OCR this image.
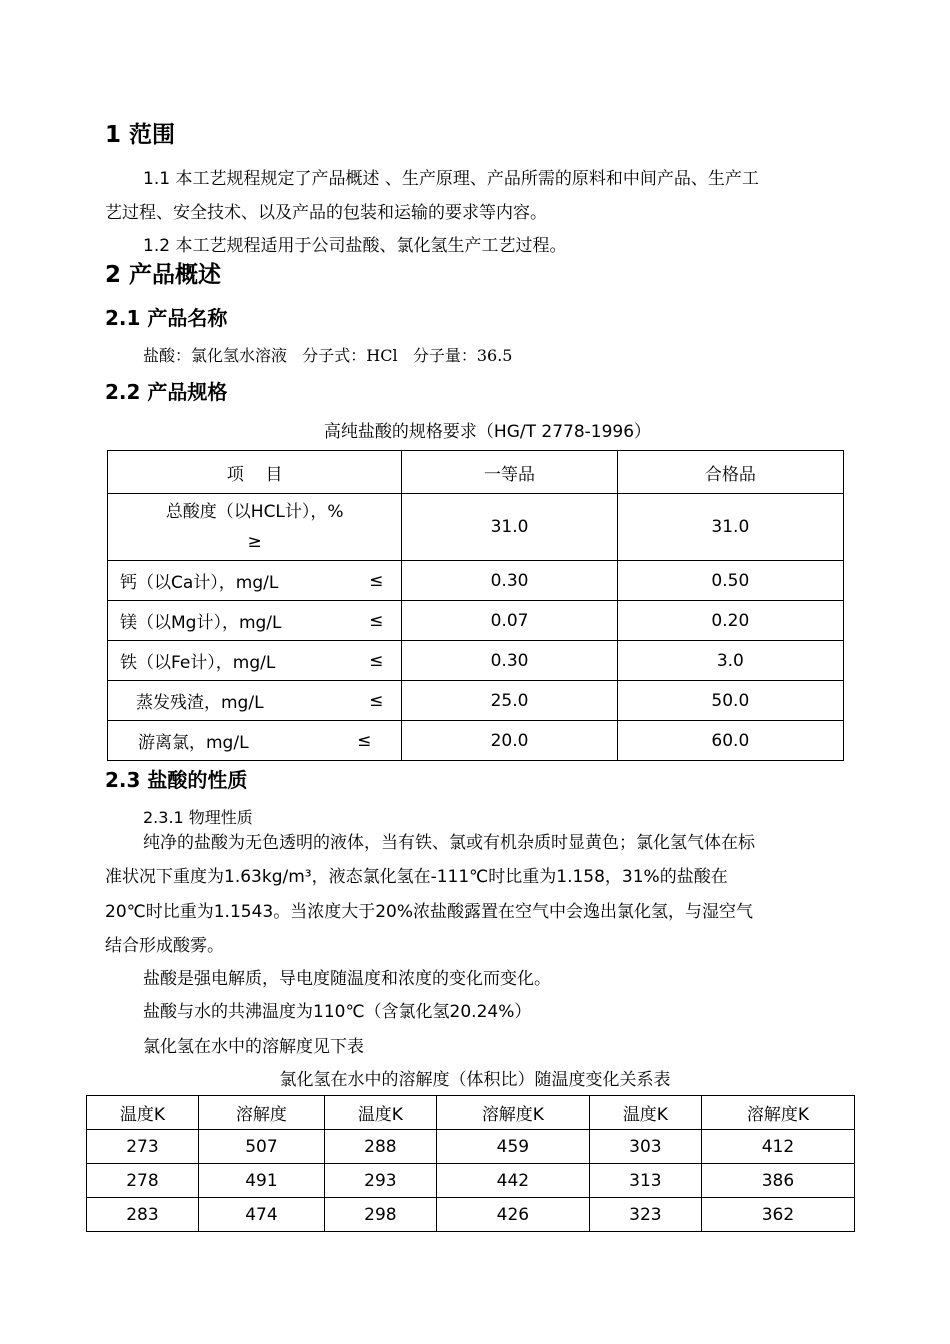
1 范围
1.1 本工艺规程规定了产品概述 、生产原理、产品所需的原料和中间产品、生产工
艺过程、安全技术、以及产品的包装和运输的要求等内容。
1.2 本工艺规程适用于公司盐酸、氯化氢生产工艺过程。
2 产品概述
2.1 产品名称
盐酸：氯化氢水溶液   分子式：HCl   分子量：36.5
2.2 产品规格
高纯盐酸的规格要求（HG/T 2778-1996）
项    目	一等品	合格品

总酸度（以HCL计），%
≥	31.0	31.0

钙（以Ca计），mg/L ≤	0.30	0.50

镁（以Mg计），mg/L ≤	0.07	0.20

铁（以Fe计），mg/L ≤	0.30	3.0

蒸发残渣，mg/L ≤	25.0	50.0

游离氯，mg/L ≤	20.0	60.0
2.3 盐酸的性质
2.3.1 物理性质
纯净的盐酸为无色透明的液体，当有铁、氯或有机杂质时显黄色；氯化氢气体在标
准状况下重度为1.63kg/m³，液态氯化氢在-111℃时比重为1.158，31%的盐酸在
20℃时比重为1.1543。当浓度大于20%浓盐酸露置在空气中会逸出氯化氢，与湿空气
结合形成酸雾。
盐酸是强电解质，导电度随温度和浓度的变化而变化。
盐酸与水的共沸温度为110℃（含氯化氢20.24%）
氯化氢在水中的溶解度见下表
氯化氢在水中的溶解度（体积比）随温度变化关系表
温度K	溶解度	温度K	溶解度K	温度K	溶解度K
273	507	288	459	303	412
278	491	293	442	313	386
283	474	298	426	323	362
